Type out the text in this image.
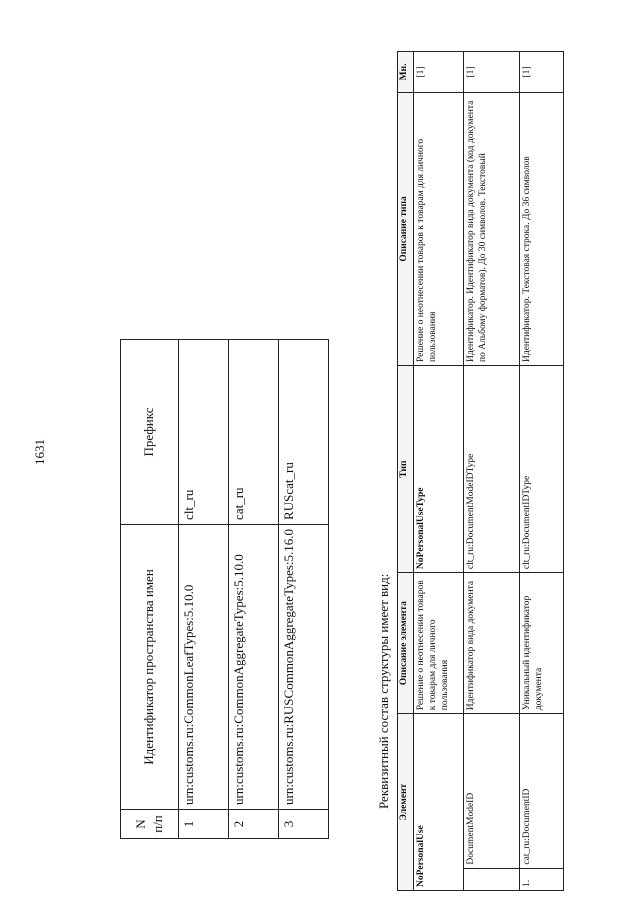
1631
N п/п	Идентификатор пространства имен	Префикс
1	urn:customs.ru:CommonLeafTypes:5.10.0	clt_ru
2	urn:customs.ru:CommonAggregateTypes:5.10.0	cat_ru
3	urn:customs.ru:RUSCommonAggregateTypes:5.16.0	RUScat_ru
Реквизитный состав структуры имеет вид: Элемент		Описание элемента	Тип	Описание типа	Мн.
NoPersonalUse		Решение о неотнесении товаров к товарам для личного пользования	NoPersonalUseType	Решение о неотнесении товаров к товарам для личного пользования	[1]
	DocumentModeID	Идентификатор вида документа	clt_ru:DocumentModeIDType	Идентификатор. Идентификатор вида документа (код документа по Альбому форматов). До 30 символов. Текстовый	[1]
1.	cat_ru:DocumentID	Уникальный идентификатор документа	clt_ru:DocumentIDType	Идентификатор. Текстовая строка. До 36 символов	[1]
